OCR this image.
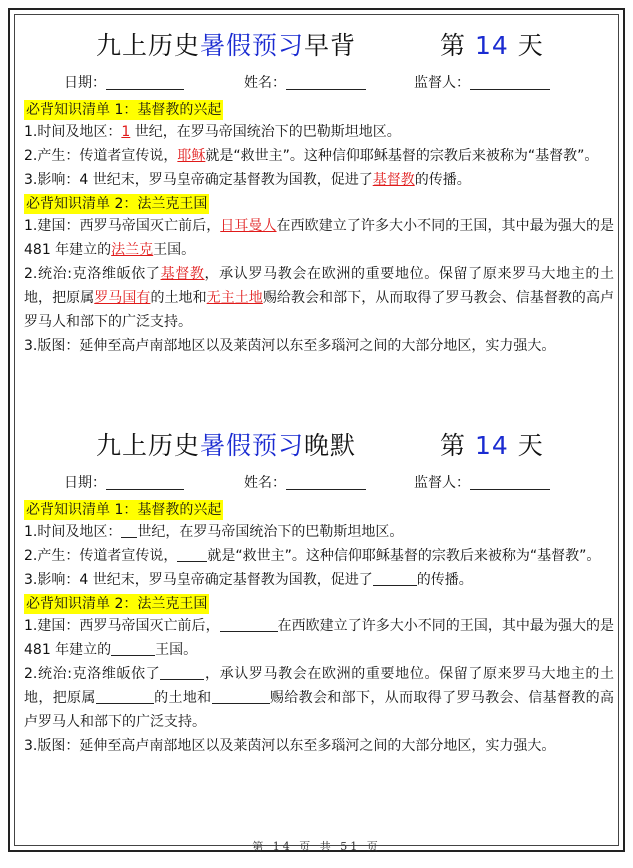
九上历史暑假预习早背	第 14 天
日期：	姓名：	监督人：
必背知识清单 1：基督教的兴起

1.时间及地区：1 世纪，在罗马帝国统治下的巴勒斯坦地区。

2.产生：传道者宣传说，耶稣就是“救世主”。这种信仰耶稣基督的宗教后来被称为“基督教”。

3.影响：4 世纪末，罗马皇帝确定基督教为国教，促进了基督教的传播。

必背知识清单 2：法兰克王国

1.建国：西罗马帝国灭亡前后，日耳曼人在西欧建立了许多大小不同的王国，其中最为强大的是 481 年建立的法兰克王国。

2.统治:克洛维皈依了基督教，承认罗马教会在欧洲的重要地位。保留了原来罗马大地主的土地，把原属罗马国有的土地和无主土地赐给教会和部下，从而取得了罗马教会、信基督教的高卢罗马人和部下的广泛支持。

3.版图：延伸至高卢南部地区以及莱茵河以东至多瑙河之间的大部分地区，实力强大。

九上历史暑假预习晚默	第 14 天
日期：	姓名：	监督人：
必背知识清单 1：基督教的兴起

1.时间及地区： 世纪，在罗马帝国统治下的巴勒斯坦地区。

2.产生：传道者宣传说， 就是“救世主”。这种信仰耶稣基督的宗教后来被称为“基督教”。

3.影响：4 世纪末，罗马皇帝确定基督教为国教，促进了	的传播。

必背知识清单 2：法兰克王国

1.建国：西罗马帝国灭亡前后，	在西欧建立了许多大小不同的王国，其中最为强大的是 481 年建立的	王国。

2.统治:克洛维皈依了	，承认罗马教会在欧洲的重要地位。保留了原来罗马大地主的土地，把原属	的土地和	赐给教会和部下，从而取得了罗马教会、信基督教的高卢罗马人和部下的广泛支持。

3.版图：延伸至高卢南部地区以及莱茵河以东至多瑙河之间的大部分地区，实力强大。

第 14 页 共 51 页
